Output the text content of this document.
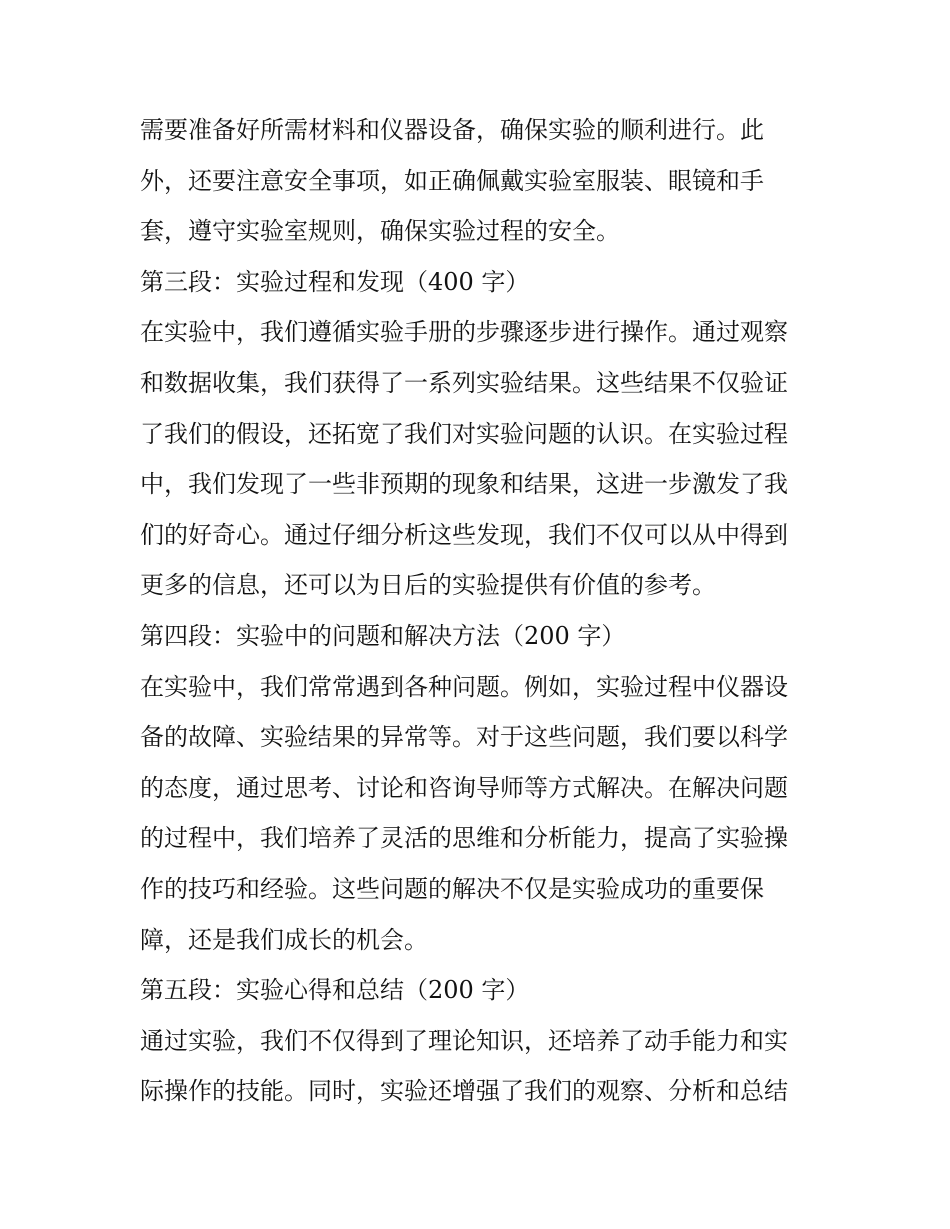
需要准备好所需材料和仪器设备，确保实验的顺利进行。此
外，还要注意安全事项，如正确佩戴实验室服装、眼镜和手
套，遵守实验室规则，确保实验过程的安全。
第三段：实验过程和发现（400 字）
在实验中，我们遵循实验手册的步骤逐步进行操作。通过观察
和数据收集，我们获得了一系列实验结果。这些结果不仅验证
了我们的假设，还拓宽了我们对实验问题的认识。在实验过程
中，我们发现了一些非预期的现象和结果，这进一步激发了我
们的好奇心。通过仔细分析这些发现，我们不仅可以从中得到
更多的信息，还可以为日后的实验提供有价值的参考。
第四段：实验中的问题和解决方法（200 字）
在实验中，我们常常遇到各种问题。例如，实验过程中仪器设
备的故障、实验结果的异常等。对于这些问题，我们要以科学
的态度，通过思考、讨论和咨询导师等方式解决。在解决问题
的过程中，我们培养了灵活的思维和分析能力，提高了实验操
作的技巧和经验。这些问题的解决不仅是实验成功的重要保
障，还是我们成长的机会。
第五段：实验心得和总结（200 字）
通过实验，我们不仅得到了理论知识，还培养了动手能力和实
际操作的技能。同时，实验还增强了我们的观察、分析和总结
